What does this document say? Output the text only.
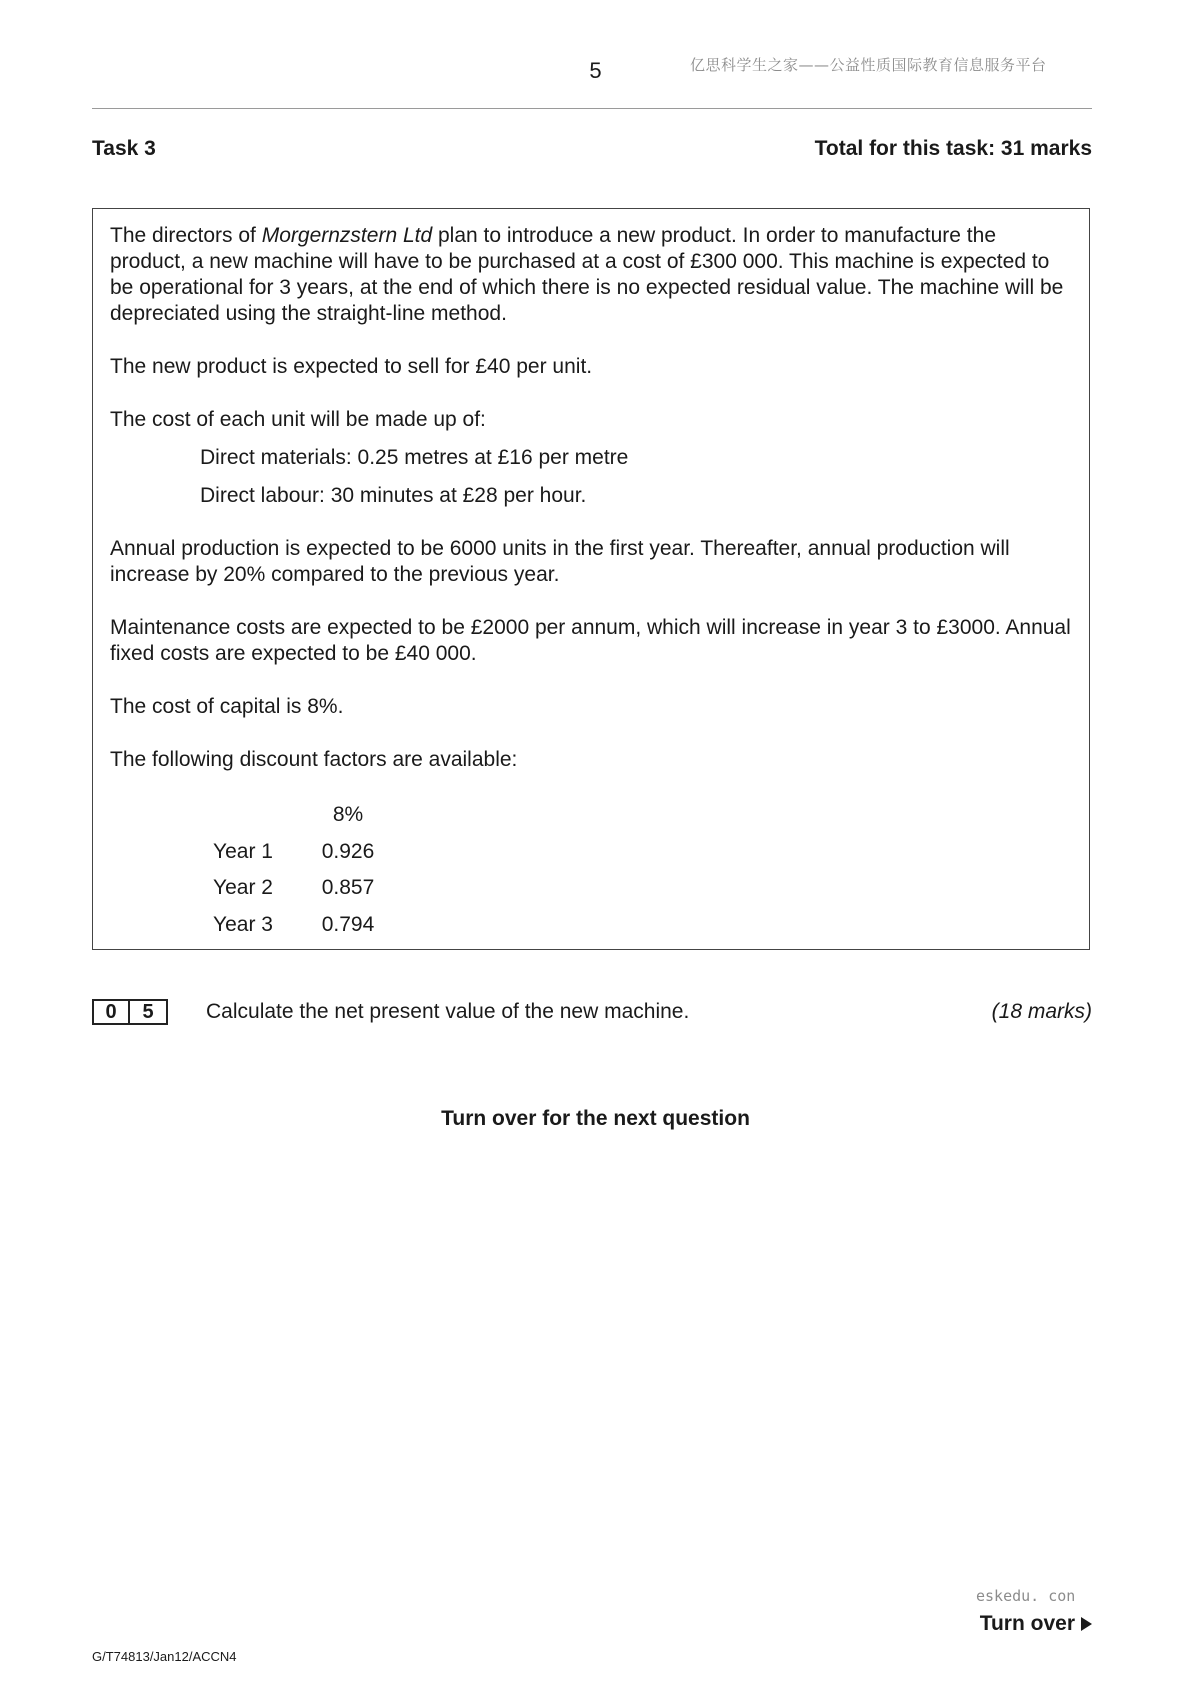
5	亿思科学生之家——公益性质国际教育信息服务平台
Task 3	Total for this task: 31 marks

The directors of Morgernzstern Ltd plan to introduce a new product. In order to manufacture the product, a new machine will have to be purchased at a cost of £300 000. This machine is expected to be operational for 3 years, at the end of which there is no expected residual value. The machine will be depreciated using the straight-line method.

The new product is expected to sell for £40 per unit.

The cost of each unit will be made up of:

Direct materials: 0.25 metres at £16 per metre

Direct labour: 30 minutes at £28 per hour.

Annual production is expected to be 6000 units in the first year. Thereafter, annual production will increase by 20% compared to the previous year.

Maintenance costs are expected to be £2000 per annum, which will increase in year 3 to £3000. Annual fixed costs are expected to be £40 000.

The cost of capital is 8%.

The following discount factors are available:

	8%
Year 1	0.926
Year 2	0.857
Year 3	0.794
0	5	Calculate the net present value of the new machine.	(18 marks)
Turn over for the next question
eskedu. con
Turn over
G/T74813/Jan12/ACCN4
